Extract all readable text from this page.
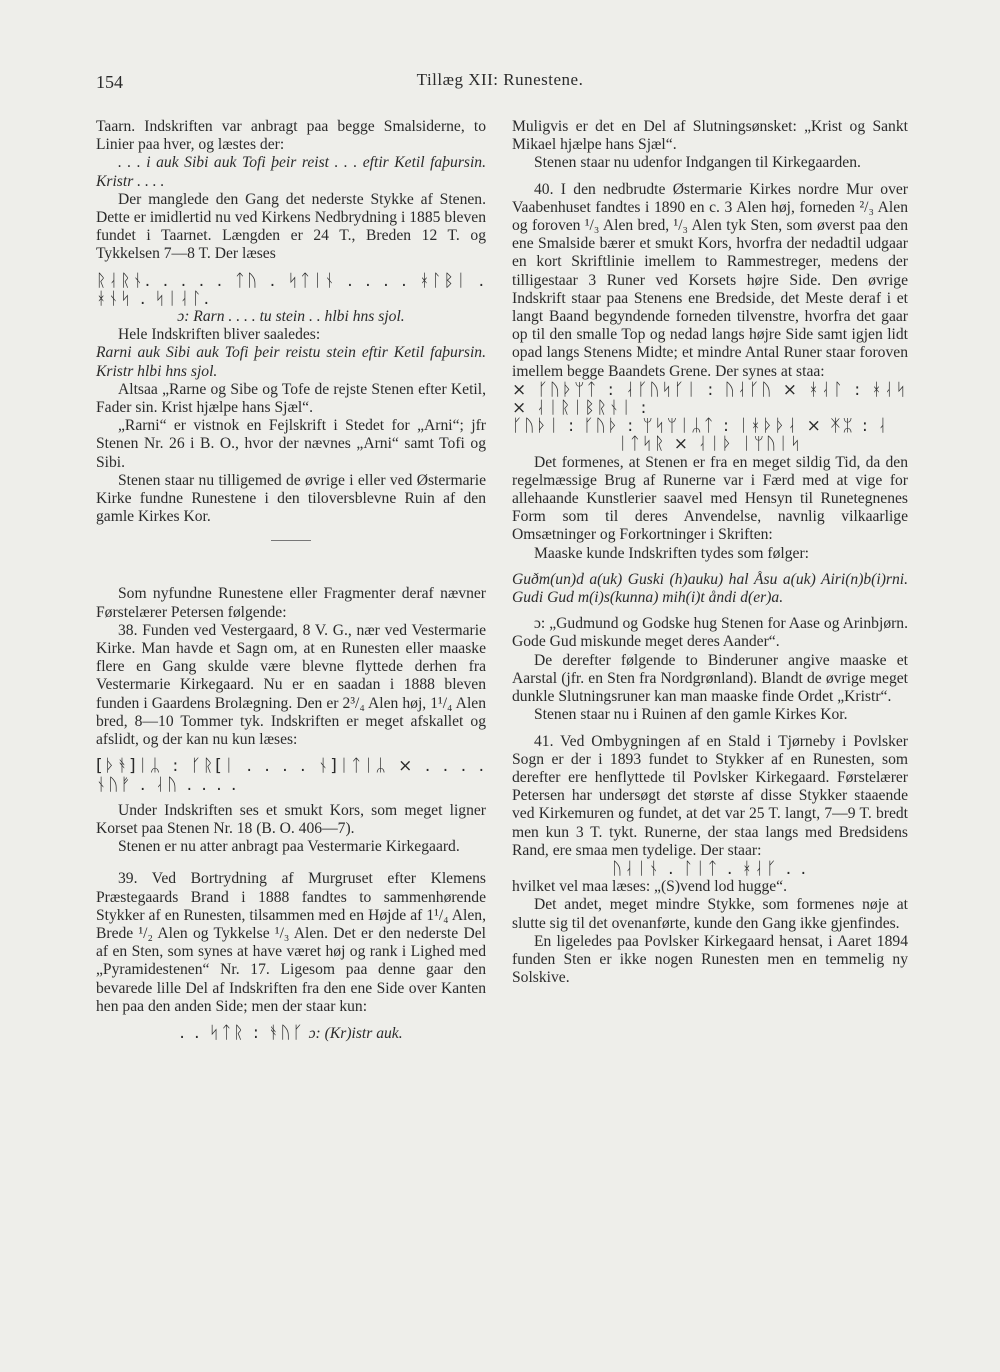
154	Tillæg XII: Runestene.

Taarn. Indskriften var anbragt paa begge Smalsiderne, to Linier paa hver, og læstes der:

. . . i auk Sibi auk Tofi þeir reist . . . eftir Ketil faþursin. Kristr . . . .

Der manglede den Gang det nederste Stykke af Stenen. Dette er imidlertid nu ved Kirkens Nedbrydning i 1885 bleven fundet i Taarnet. Længden er 24 T., Breden 12 T. og Tykkelsen 7—8 T. Der læses

ᚱᛆᚱᚾ. . . . . ᛏᚢ . ᛋᛏᛁᚾ . . . . ᚼᛚᛒᛁ . ᚼᚾᛋ . ᛋᛁᛆᛚ.

ɔ: Rarn . . . . tu stein . . hlbi hns sjol.

Hele Indskriften bliver saaledes:

Rarni auk Sibi auk Tofi þeir reistu stein eftir Ketil faþursin. Kristr hlbi hns sjol.

Altsaa „Rarne og Sibe og Tofe de rejste Stenen efter Ketil, Fader sin. Krist hjælpe hans Sjæl“.

„Rarni“ er vistnok en Fejlskrift i Stedet for „Arni“; jfr Stenen Nr. 26 i B. O., hvor der nævnes „Arni“ samt Tofi og Sibi.

Stenen staar nu tilligemed de øvrige i eller ved Østermarie Kirke fundne Runestene i den tiloversblevne Ruin af den gamle Kirkes Kor.

Som nyfundne Runestene eller Fragmenter deraf nævner Førstelærer Petersen følgende:

38. Funden ved Vestergaard, 8 V. G., nær ved Vestermarie Kirke. Man havde et Sagn om, at en Runesten eller maaske flere en Gang skulde være blevne flyttede derhen fra Vestermarie Kirkegaard. Nu er en saadan i 1888 bleven funden i Gaardens Brolægning. Den er 2³/₄ Alen høj, 1¹/₄ Alen bred, 8—10 Tommer tyk. Indskriften er meget afskallet og afslidt, og der kan nu kun læses:

[ᚦᚬ]ᛁᛦ : ᚴᚱ[ᛁ . . . . ᚾ]ᛁᛏᛁᛦ × . . . . ᚾᚢᚠ . ᛆᚢ . . . .

Under Indskriften ses et smukt Kors, som meget ligner Korset paa Stenen Nr. 18 (B. O. 406—7).

Stenen er nu atter anbragt paa Vestermarie Kirkegaard.

39. Ved Bortrydning af Murgruset efter Klemens Præstegaards Brand i 1888 fandtes to sammenhørende Stykker af en Runesten, tilsammen med en Højde af 1¹/₄ Alen, Brede ¹/₂ Alen og Tykkelse ¹/₃ Alen. Det er den nederste Del af en Sten, som synes at have været høj og rank i Lighed med „Pyramidestenen“ Nr. 17. Ligesom paa denne gaar den bevarede lille Del af Indskriften fra den ene Side over Kanten hen paa den anden Side; men der staar kun:

. . ᛋᛏᚱ : ᚬᚢᚴ ɔ: (Kr)istr auk.

Muligvis er det en Del af Slutningsønsket: „Krist og Sankt Mikael hjælpe hans Sjæl“.

Stenen staar nu udenfor Indgangen til Kirkegaarden.

40. I den nedbrudte Østermarie Kirkes nordre Mur over Vaabenhuset fandtes i 1890 en c. 3 Alen høj, forneden ²/₃ Alen og foroven ¹/₃ Alen bred, ¹/₃ Alen tyk Sten, som øverst paa den ene Smalside bærer et smukt Kors, hvorfra der nedadtil udgaar en kort Skriftlinie imellem to Rammestreger, medens der tilligestaar 3 Runer ved Korsets højre Side. Den øvrige Indskrift staar paa Stenens ene Bredside, det Meste deraf i et langt Baand begyndende forneden tilvenstre, hvorfra det gaar op til den smalle Top og nedad langs højre Side samt igjen lidt opad langs Stenens Midte; et mindre Antal Runer staar foroven imellem begge Baandets Grene. Der synes at staa:

× ᚴᚢᚦᛘᛏ : ᛆᚴᚢᛋᚴᛁ : ᚢᛆᚴᚢ × ᚼᛆᛚ : ᚼᛆᛋ × ᛆᛁᚱᛁᛒᚱᚾᛁ :

ᚴᚢᚦᛁ : ᚴᚢᚦ : ᛘᛋᛘᛁᛦᛏ : ᛁᚼᚦᚦᛆ × ᛡᛯ : ᛆ

ᛁᛏᛋᚱ × ᛆᛁᚦ ᛁᛘᚢᛁᛋ

Det formenes, at Stenen er fra en meget sildig Tid, da den regelmæssige Brug af Runerne var i Færd med at vige for allehaande Kunstlerier saavel med Hensyn til Runetegnenes Form som til deres Anvendelse, navnlig vilkaarlige Omsætninger og Forkortninger i Skriften:

Maaske kunde Indskriften tydes som følger:

Guðm(un)d a(uk) Guski (h)auku) hal Åsu a(uk) Airi(n)b(i)rni. Gudi Gud m(i)s(kunna) mih(i)t åndi d(er)a.

ɔ: „Gudmund og Godske hug Stenen for Aase og Arinbjørn. Gode Gud miskunde meget deres Aander“.

De derefter følgende to Binderuner angive maaske et Aarstal (jfr. en Sten fra Nordgrønland). Blandt de øvrige meget dunkle Slutningsruner kan man maaske finde Ordet „Kristr“.

Stenen staar nu i Ruinen af den gamle Kirkes Kor.

41. Ved Ombygningen af en Stald i Tjørneby i Povlsker Sogn er der i 1893 fundet to Stykker af en Runesten, som derefter ere henflyttede til Povlsker Kirkegaard. Førstelærer Petersen har undersøgt det største af disse Stykker staaende ved Kirkemuren og fundet, at det var 25 T. langt, 7—9 T. bredt men kun 3 T. tykt. Runerne, der staa langs med Bredsidens Rand, ere smaa men tydelige. Der staar:

ᚢᛆᛁᚾ . ᛚᛁᛏ . ᚼᛆᚴ . .

hvilket vel maa læses: „(S)vend lod hugge“.

Det andet, meget mindre Stykke, som formenes nøje at slutte sig til det ovenanførte, kunde den Gang ikke gjenfindes.

En ligeledes paa Povlsker Kirkegaard hensat, i Aaret 1894 funden Sten er ikke nogen Runesten men en temmelig ny Solskive.
